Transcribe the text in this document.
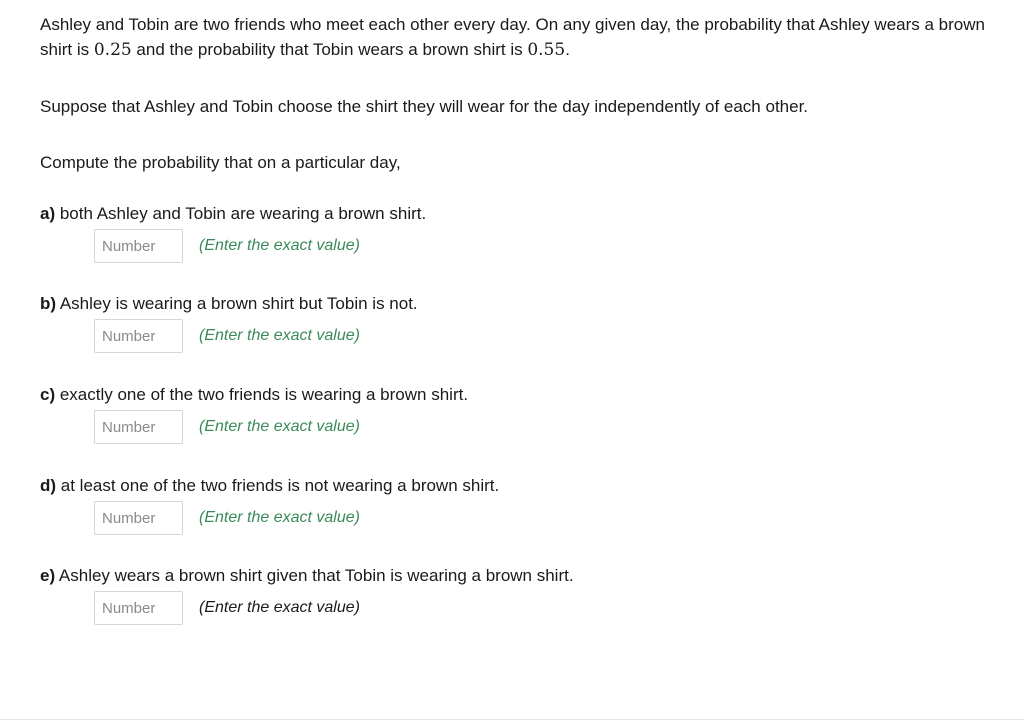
Ashley and Tobin are two friends who meet each other every day. On any given day, the probability that Ashley wears a brown shirt is 0.25 and the probability that Tobin wears a brown shirt is 0.55.

Suppose that Ashley and Tobin choose the shirt they will wear for the day independently of each other.

Compute the probability that on a particular day,

a) both Ashley and Tobin are wearing a brown shirt.

Number
(Enter the exact value)

b) Ashley is wearing a brown shirt but Tobin is not.

Number
(Enter the exact value)

c) exactly one of the two friends is wearing a brown shirt.

Number
(Enter the exact value)

d) at least one of the two friends is not wearing a brown shirt.

Number
(Enter the exact value)

e) Ashley wears a brown shirt given that Tobin is wearing a brown shirt.

Number
(Enter the exact value)
